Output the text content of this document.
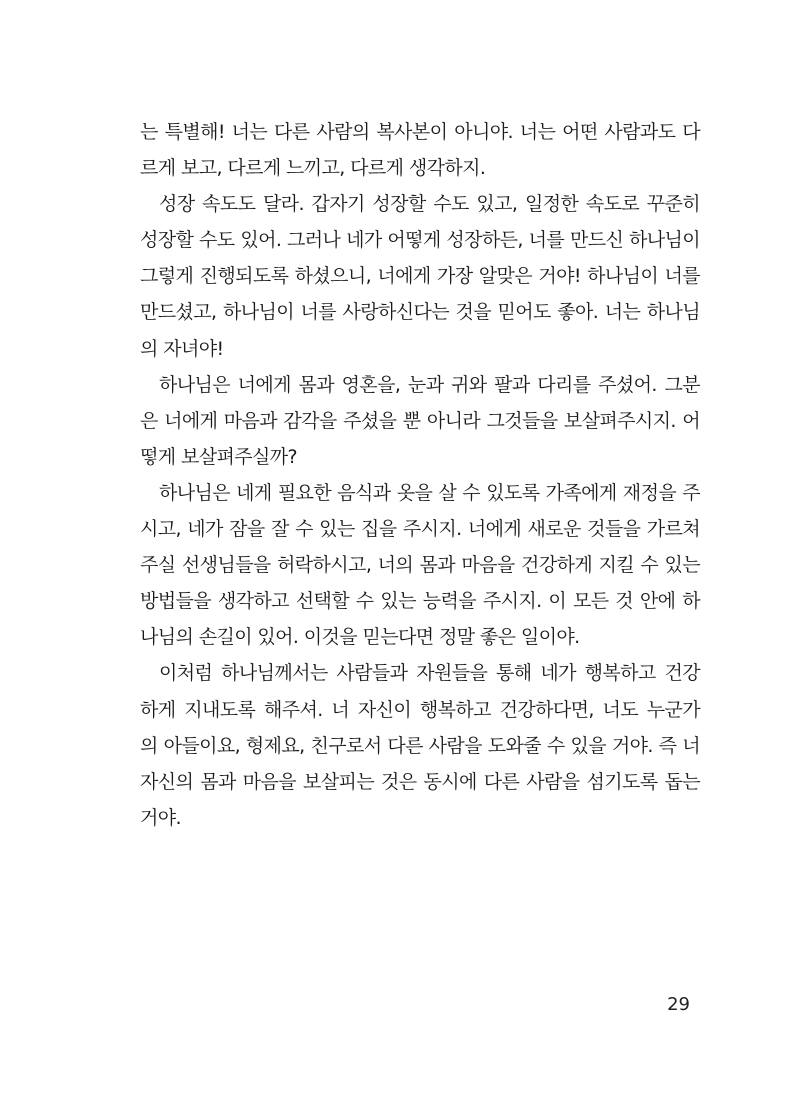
는 특별해! 너는 다른 사람의 복사본이 아니야. 너는 어떤 사람과도 다
르게 보고, 다르게 느끼고, 다르게 생각하지.
성장 속도도 달라. 갑자기 성장할 수도 있고, 일정한 속도로 꾸준히
성장할 수도 있어. 그러나 네가 어떻게 성장하든, 너를 만드신 하나님이
그렇게 진행되도록 하셨으니, 너에게 가장 알맞은 거야! 하나님이 너를
만드셨고, 하나님이 너를 사랑하신다는 것을 믿어도 좋아. 너는 하나님
의 자녀야!
하나님은 너에게 몸과 영혼을, 눈과 귀와 팔과 다리를 주셨어. 그분
은 너에게 마음과 감각을 주셨을 뿐 아니라 그것들을 보살펴주시지. 어
떻게 보살펴주실까?
하나님은 네게 필요한 음식과 옷을 살 수 있도록 가족에게 재정을 주
시고, 네가 잠을 잘 수 있는 집을 주시지. 너에게 새로운 것들을 가르쳐
주실 선생님들을 허락하시고, 너의 몸과 마음을 건강하게 지킬 수 있는
방법들을 생각하고 선택할 수 있는 능력을 주시지. 이 모든 것 안에 하
나님의 손길이 있어. 이것을 믿는다면 정말 좋은 일이야.
이처럼 하나님께서는 사람들과 자원들을 통해 네가 행복하고 건강
하게 지내도록 해주셔. 너 자신이 행복하고 건강하다면, 너도 누군가
의 아들이요, 형제요, 친구로서 다른 사람을 도와줄 수 있을 거야. 즉 너
자신의 몸과 마음을 보살피는 것은 동시에 다른 사람을 섬기도록 돕는
거야.
29
